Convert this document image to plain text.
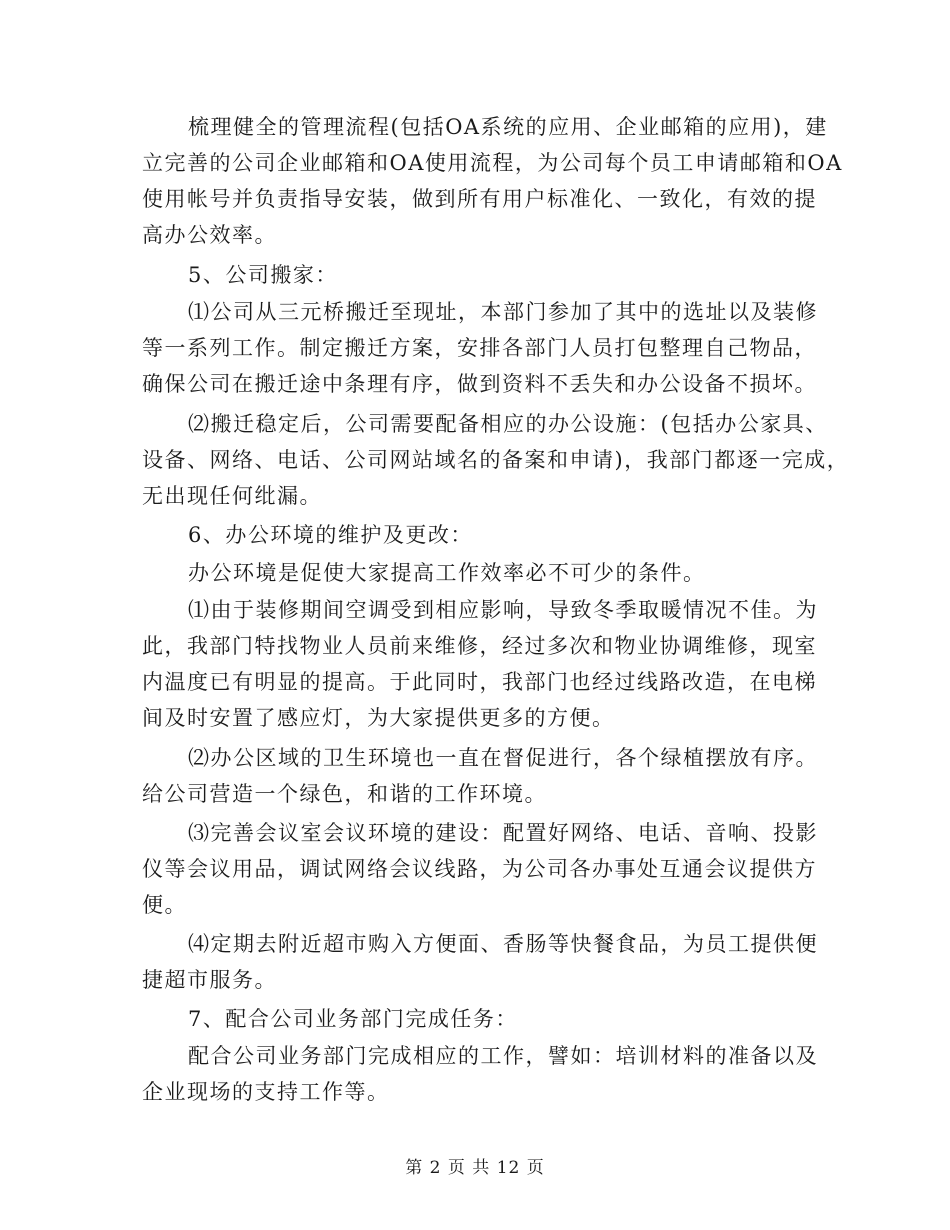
梳理健全的管理流程(包括OA系统的应用、企业邮箱的应用)，建
立完善的公司企业邮箱和OA使用流程，为公司每个员工申请邮箱和OA
使用帐号并负责指导安装，做到所有用户标准化、一致化，有效的提
高办公效率。
5、公司搬家：
⑴公司从三元桥搬迁至现址，本部门参加了其中的选址以及装修
等一系列工作。制定搬迁方案，安排各部门人员打包整理自己物品，
确保公司在搬迁途中条理有序，做到资料不丢失和办公设备不损坏。
⑵搬迁稳定后，公司需要配备相应的办公设施：(包括办公家具、
设备、网络、电话、公司网站域名的备案和申请)，我部门都逐一完成，
无出现任何纰漏。
6、办公环境的维护及更改：
办公环境是促使大家提高工作效率必不可少的条件。
⑴由于装修期间空调受到相应影响，导致冬季取暖情况不佳。为
此，我部门特找物业人员前来维修，经过多次和物业协调维修，现室
内温度已有明显的提高。于此同时，我部门也经过线路改造，在电梯
间及时安置了感应灯，为大家提供更多的方便。
⑵办公区域的卫生环境也一直在督促进行，各个绿植摆放有序。
给公司营造一个绿色，和谐的工作环境。
⑶完善会议室会议环境的建设：配置好网络、电话、音响、投影
仪等会议用品，调试网络会议线路，为公司各办事处互通会议提供方
便。
⑷定期去附近超市购入方便面、香肠等快餐食品，为员工提供便
捷超市服务。
7、配合公司业务部门完成任务：
配合公司业务部门完成相应的工作，譬如：培训材料的准备以及
企业现场的支持工作等。
第 2 页 共 12 页
